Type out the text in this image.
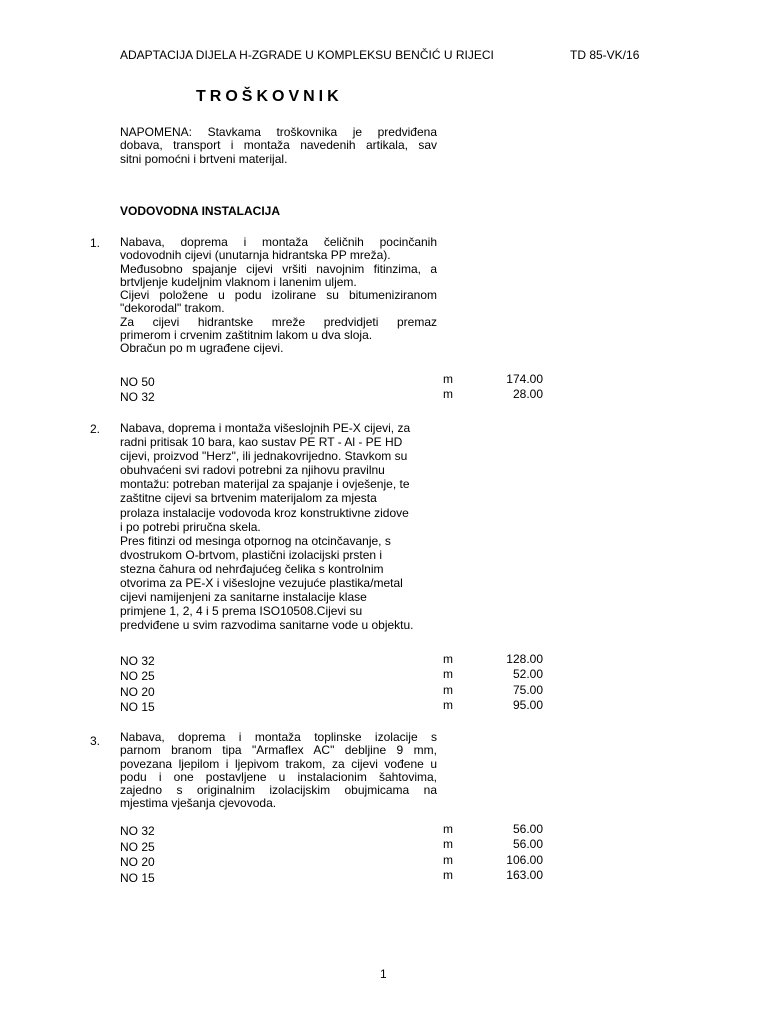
ADAPTACIJA DIJELA H-ZGRADE U KOMPLEKSU BENČIĆ U RIJECI	TD 85-VK/16
TROŠKOVNIK
NAPOMENA: Stavkama troškovnika je predviđena
dobava, transport i montaža navedenih artikala, sav
sitni pomoćni i brtveni materijal.
VODOVODNA INSTALACIJA
1. Nabava, doprema i montaža čeličnih pocinčanih
vodovodnih cijevi (unutarnja hidrantska PP mreža).
Međusobno spajanje cijevi vršiti navojnim fitinzima, a
brtvljenje kudeljnim vlaknom i lanenim uljem.
Cijevi položene u podu izolirane su bitumeniziranom
"dekorodal" trakom.
Za cijevi hidrantske mreže predvidjeti premaz
primerom i crvenim zaštitnim lakom u dva sloja.
Obračun po m ugrađene cijevi.
NO 50	m	174.00
NO 32	m	28.00
2. Nabava, doprema i montaža višeslojnih PE-X cijevi, za
radni pritisak 10 bara, kao sustav PE RT - Al - PE HD
cijevi, proizvod "Herz", ili jednakovrijedno. Stavkom su
obuhvaćeni svi radovi potrebni za njihovu pravilnu
montažu: potreban materijal za spajanje i ovješenje, te
zaštitne cijevi sa brtvenim materijalom za mjesta
prolaza instalacije vodovoda kroz konstruktivne zidove
i po potrebi priručna skela.
Pres fitinzi od mesinga otpornog na otcinčavanje, s
dvostrukom O-brtvom, plastični izolacijski prsten i
stezna čahura od nehrđajućeg čelika s kontrolnim
otvorima za PE-X i višeslojne vezujuće plastika/metal
cijevi namijenjeni za sanitarne instalacije klase
primjene 1, 2, 4 i 5 prema ISO10508.Cijevi su
predviđene u svim razvodima sanitarne vode u objektu.
NO 32	m	128.00
NO 25	m	52.00
NO 20	m	75.00
NO 15	m	95.00
3. Nabava, doprema i montaža toplinske izolacije s
parnom branom tipa "Armaflex AC" debljine 9 mm,
povezana ljepilom i ljepivom trakom, za cijevi vođene u
podu i one postavljene u instalacionim šahtovima,
zajedno s originalnim izolacijskim obujmicama na
mjestima vješanja cjevovoda.
NO 32	m	56.00
NO 25	m	56.00
NO 20	m	106.00
NO 15	m	163.00
1
